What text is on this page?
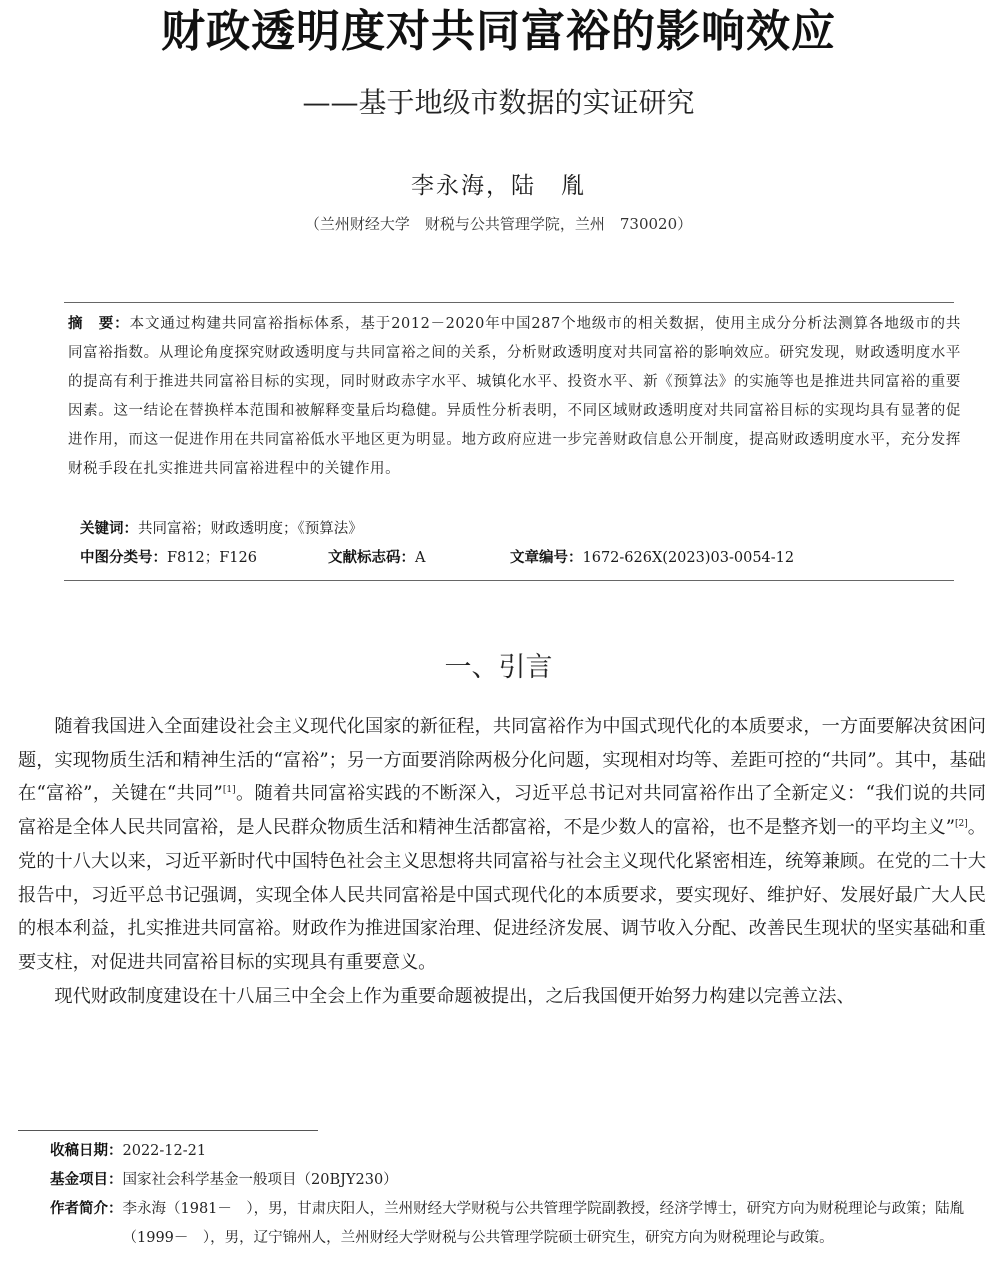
财政透明度对共同富裕的影响效应
——基于地级市数据的实证研究
李永海，陆　胤
（兰州财经大学　财税与公共管理学院，兰州　730020）
摘　要：本文通过构建共同富裕指标体系，基于2012－2020年中国287个地级市的相关数据，使用主成分分析法测算各地级市的共同富裕指数。从理论角度探究财政透明度与共同富裕之间的关系，分析财政透明度对共同富裕的影响效应。研究发现，财政透明度水平的提高有利于推进共同富裕目标的实现，同时财政赤字水平、城镇化水平、投资水平、新《预算法》的实施等也是推进共同富裕的重要因素。这一结论在替换样本范围和被解释变量后均稳健。异质性分析表明，不同区域财政透明度对共同富裕目标的实现均具有显著的促进作用，而这一促进作用在共同富裕低水平地区更为明显。地方政府应进一步完善财政信息公开制度，提高财政透明度水平，充分发挥财税手段在扎实推进共同富裕进程中的关键作用。
关键词：共同富裕；财政透明度；《预算法》
中图分类号：F812；F126	文献标志码：A	文章编号：1672-626X(2023)03-0054-12
一、引言

随着我国进入全面建设社会主义现代化国家的新征程，共同富裕作为中国式现代化的本质要求，一方面要解决贫困问题，实现物质生活和精神生活的“富裕”；另一方面要消除两极分化问题，实现相对均等、差距可控的“共同”。其中，基础在“富裕”，关键在“共同”[1]。随着共同富裕实践的不断深入，习近平总书记对共同富裕作出了全新定义：“我们说的共同富裕是全体人民共同富裕，是人民群众物质生活和精神生活都富裕，不是少数人的富裕，也不是整齐划一的平均主义”[2]。党的十八大以来，习近平新时代中国特色社会主义思想将共同富裕与社会主义现代化紧密相连，统筹兼顾。在党的二十大报告中，习近平总书记强调，实现全体人民共同富裕是中国式现代化的本质要求，要实现好、维护好、发展好最广大人民的根本利益，扎实推进共同富裕。财政作为推进国家治理、促进经济发展、调节收入分配、改善民生现状的坚实基础和重要支柱，对促进共同富裕目标的实现具有重要意义。

现代财政制度建设在十八届三中全会上作为重要命题被提出，之后我国便开始努力构建以完善立法、

收稿日期： 2022-12-21
基金项目： 国家社会科学基金一般项目（20BJY230）
作者简介： 李永海（1981－　），男，甘肃庆阳人，兰州财经大学财税与公共管理学院副教授，经济学博士，研究方向为财税理论与政策；陆胤（1999－　），男，辽宁锦州人，兰州财经大学财税与公共管理学院硕士研究生，研究方向为财税理论与政策。
